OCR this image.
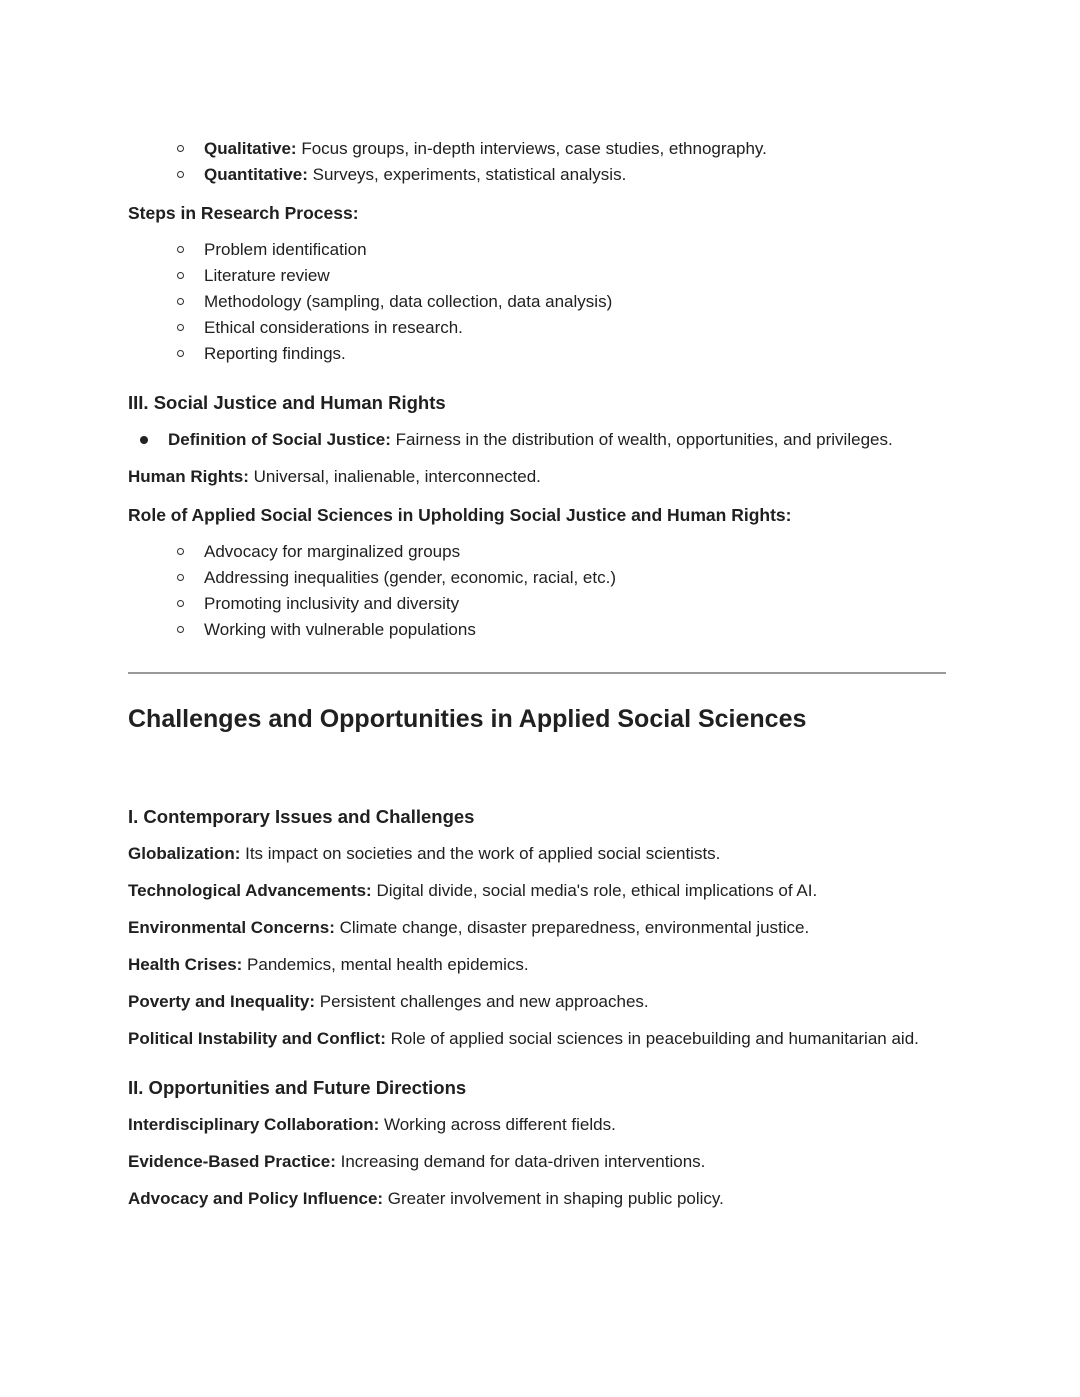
Qualitative: Focus groups, in-depth interviews, case studies, ethnography.
Quantitative: Surveys, experiments, statistical analysis.
Steps in Research Process:
Problem identification
Literature review
Methodology (sampling, data collection, data analysis)
Ethical considerations in research.
Reporting findings.
III. Social Justice and Human Rights
Definition of Social Justice: Fairness in the distribution of wealth, opportunities, and privileges.

Human Rights: Universal, inalienable, interconnected.

Role of Applied Social Sciences in Upholding Social Justice and Human Rights:
Advocacy for marginalized groups
Addressing inequalities (gender, economic, racial, etc.)
Promoting inclusivity and diversity
Working with vulnerable populations
Challenges and Opportunities in Applied Social Sciences
I. Contemporary Issues and Challenges

Globalization: Its impact on societies and the work of applied social scientists.

Technological Advancements: Digital divide, social media's role, ethical implications of AI.

Environmental Concerns: Climate change, disaster preparedness, environmental justice.

Health Crises: Pandemics, mental health epidemics.

Poverty and Inequality: Persistent challenges and new approaches.

Political Instability and Conflict: Role of applied social sciences in peacebuilding and humanitarian aid.

II. Opportunities and Future Directions

Interdisciplinary Collaboration: Working across different fields.

Evidence-Based Practice: Increasing demand for data-driven interventions.

Advocacy and Policy Influence: Greater involvement in shaping public policy.
